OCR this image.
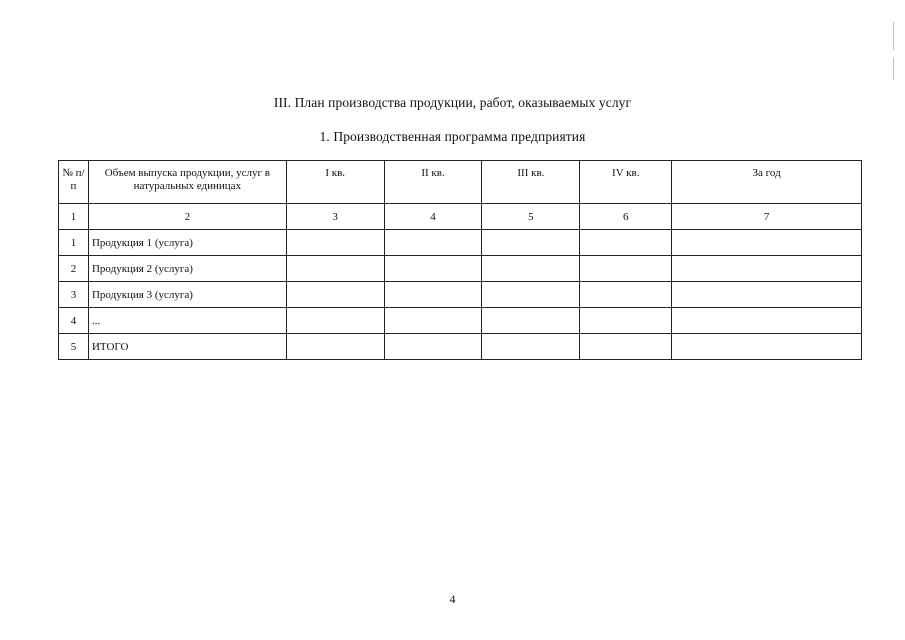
III. План производства продукции, работ, оказываемых услуг
1. Производственная программа предприятия
№ п/п	Объем выпуска продукции, услуг в натуральных единицах	I кв.	II кв.	III кв.	IV кв.	За год
1	2	3	4	5	6	7
1	Продукция 1 (услуга)					
2	Продукция 2 (услуга)					
3	Продукция 3 (услуга)					
4	...					
5	ИТОГО					
4
